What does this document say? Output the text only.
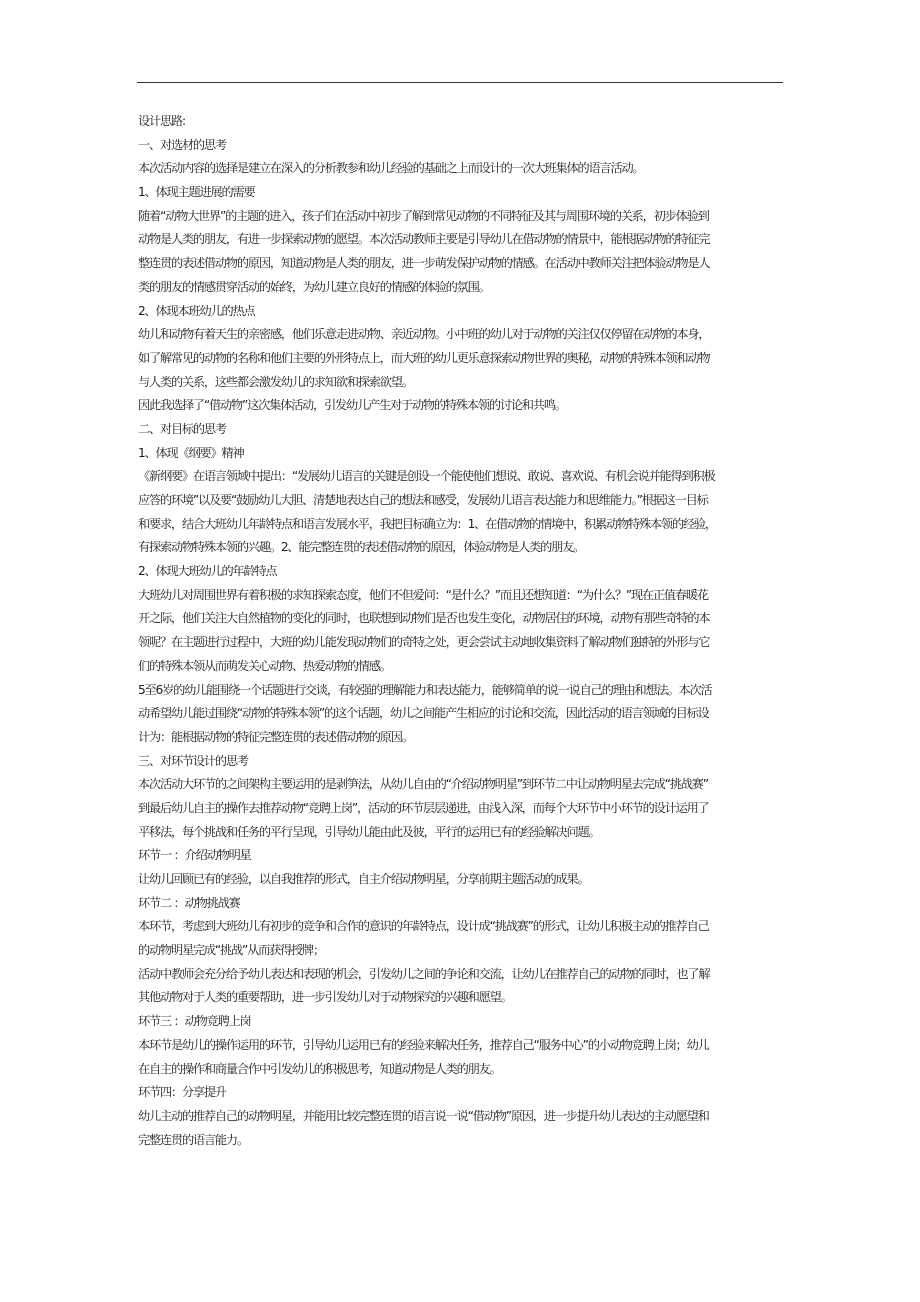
设计思路:
一、对选材的思考
本次活动内容的选择是建立在深入的分析教参和幼儿经验的基础之上而设计的一次大班集体的语言活动。
1、体现主题进展的需要
随着“动物大世界”的主题的进入，孩子们在活动中初步了解到常见动物的不同特征及其与周围环境的关系，初步体验到
动物是人类的朋友，有进一步探索动物的愿望。本次活动教师主要是引导幼儿在借动物的情景中，能根据动物的特征完
整连贯的表述借动物的原因，知道动物是人类的朋友，进一步萌发保护动物的情感。在活动中教师关注把体验动物是人
类的朋友的情感贯穿活动的始终，为幼儿建立良好的情感的体验的氛围。
2、体现本班幼儿的热点
幼儿和动物有着天生的亲密感，他们乐意走进动物、亲近动物。小中班的幼儿对于动物的关注仅仅停留在动物的本身，
如了解常见的动物的名称和他们主要的外形特点上，而大班的幼儿更乐意探索动物世界的奥秘，动物的特殊本领和动物
与人类的关系，这些都会激发幼儿的求知欲和探索欲望。
因此我选择了“借动物”这次集体活动，引发幼儿产生对于动物的特殊本领的讨论和共鸣。
二、对目标的思考
1、体现《纲要》精神
《新纲要》在语言领域中提出：“发展幼儿语言的关键是创设一个能使他们想说、敢说、喜欢说、有机会说并能得到积极
应答的环境”以及要“鼓励幼儿大胆、清楚地表达自己的想法和感受，发展幼儿语言表达能力和思维能力。”根据这一目标
和要求，结合大班幼儿年龄特点和语言发展水平，我把目标确立为：1、在借动物的情境中，积累动物特殊本领的经验，
有探索动物特殊本领的兴趣。2、能完整连贯的表述借动物的原因，体验动物是人类的朋友。
2、体现大班幼儿的年龄特点
大班幼儿对周围世界有着积极的求知探索态度，他们不但爱问：“是什么？”而且还想知道：“为什么？”现在正值春暖花
开之际，他们关注大自然植物的变化的同时，也联想到动物们是否也发生变化，动物居住的环境，动物有那些奇特的本
领呢？在主题进行过程中，大班的幼儿能发现动物们的奇特之处，更会尝试主动地收集资料了解动物们独特的外形与它
们的特殊本领从而萌发关心动物、热爱动物的情感。
5至6岁的幼儿能围绕一个话题进行交谈，有较强的理解能力和表达能力，能够简单的说一说自己的理由和想法。本次活
动希望幼儿能过围绕“动物的特殊本领”的这个话题，幼儿之间能产生相应的讨论和交流，因此活动的语言领域的目标设
计为：能根据动物的特征完整连贯的表述借动物的原因。
三、对环节设计的思考
本次活动大环节的之间架构主要运用的是剥笋法，从幼儿自由的“介绍动物明星”到环节二中让动物明星去完成“挑战赛”
到最后幼儿自主的操作去推荐动物“竞聘上岗”，活动的环节层层递进，由浅入深，而每个大环节中小环节的设计运用了
平移法，每个挑战和任务的平行呈现，引导幼儿能由此及彼，平行的运用已有的经验解决问题。
环节一 ：介绍动物明星
让幼儿回顾已有的经验，以自我推荐的形式，自主介绍动物明星，分享前期主题活动的成果。
环节二 ：动物挑战赛
本环节，考虑到大班幼儿有初步的竞争和合作的意识的年龄特点，设计成“挑战赛”的形式，让幼儿积极主动的推荐自己
的动物明星完成“挑战”从而获得授牌；
活动中教师会充分给予幼儿表达和表现的机会，引发幼儿之间的争论和交流，让幼儿在推荐自己的动物的同时，也了解
其他动物对于人类的重要帮助，进一步引发幼儿对于动物探究的兴趣和愿望。
环节三 ：动物竞聘上岗
本环节是幼儿的操作运用的环节，引导幼儿运用已有的经验来解决任务，推荐自己“服务中心”的小动物竞聘上岗；幼儿
在自主的操作和商量合作中引发幼儿的积极思考，知道动物是人类的朋友。
环节四：分享提升
幼儿主动的推荐自己的动物明星，并能用比较完整连贯的语言说一说“借动物”原因，进一步提升幼儿表达的主动愿望和
完整连贯的语言能力。
